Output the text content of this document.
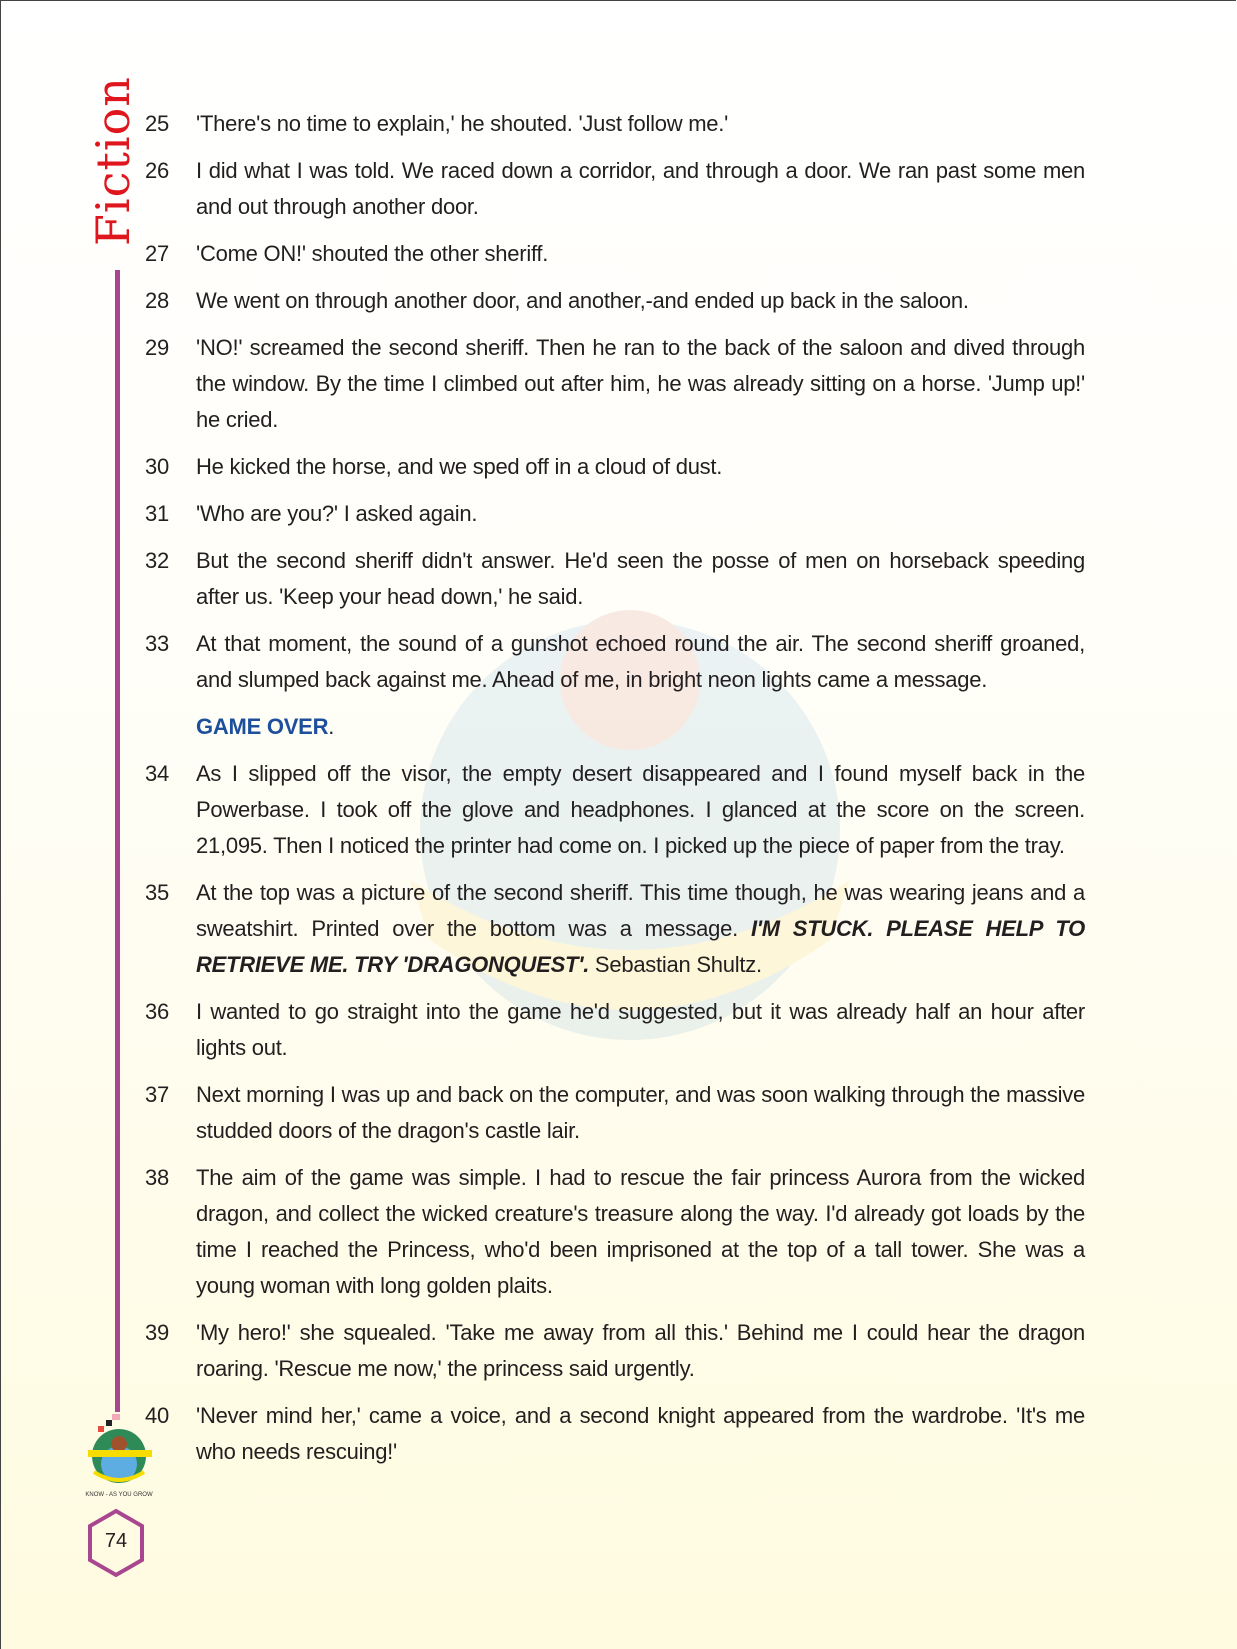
Fiction
KNOW - AS YOU GROW
74
25 'There's no time to explain,' he shouted. 'Just follow me.'
26 I did what I was told. We raced down a corridor, and through a door. We ran past some men and out through another door.
27 'Come ON!' shouted the other sheriff.
28 We went on through another door, and another,-and ended up back in the saloon.
29 'NO!' screamed the second sheriff. Then he ran to the back of the saloon and dived through the window. By the time I climbed out after him, he was already sitting on a horse. 'Jump up!' he cried.
30 He kicked the horse, and we sped off in a cloud of dust.
31 'Who are you?' I asked again.
32 But the second sheriff didn't answer. He'd seen the posse of men on horseback speeding after us. 'Keep your head down,' he said.
33 At that moment, the sound of a gunshot echoed round the air. The second sheriff groaned, and slumped back against me. Ahead of me, in bright neon lights came a message.
GAME OVER.
34 As I slipped off the visor, the empty desert disappeared and I found myself back in the Powerbase. I took off the glove and headphones. I glanced at the score on the screen. 21,095. Then I noticed the printer had come on. I picked up the piece of paper from the tray.
35 At the top was a picture of the second sheriff. This time though, he was wearing jeans and a sweatshirt. Printed over the bottom was a message. I'M STUCK. PLEASE HELP TO RETRIEVE ME. TRY 'DRAGONQUEST'. Sebastian Shultz.
36 I wanted to go straight into the game he'd suggested, but it was already half an hour after lights out.
37 Next morning I was up and back on the computer, and was soon walking through the massive studded doors of the dragon's castle lair.
38 The aim of the game was simple. I had to rescue the fair princess Aurora from the wicked dragon, and collect the wicked creature's treasure along the way. I'd already got loads by the time I reached the Princess, who'd been imprisoned at the top of a tall tower. She was a young woman with long golden plaits.
39 'My hero!' she squealed. 'Take me away from all this.' Behind me I could hear the dragon roaring. 'Rescue me now,' the princess said urgently.
40 'Never mind her,' came a voice, and a second knight appeared from the wardrobe. 'It's me who needs rescuing!'
